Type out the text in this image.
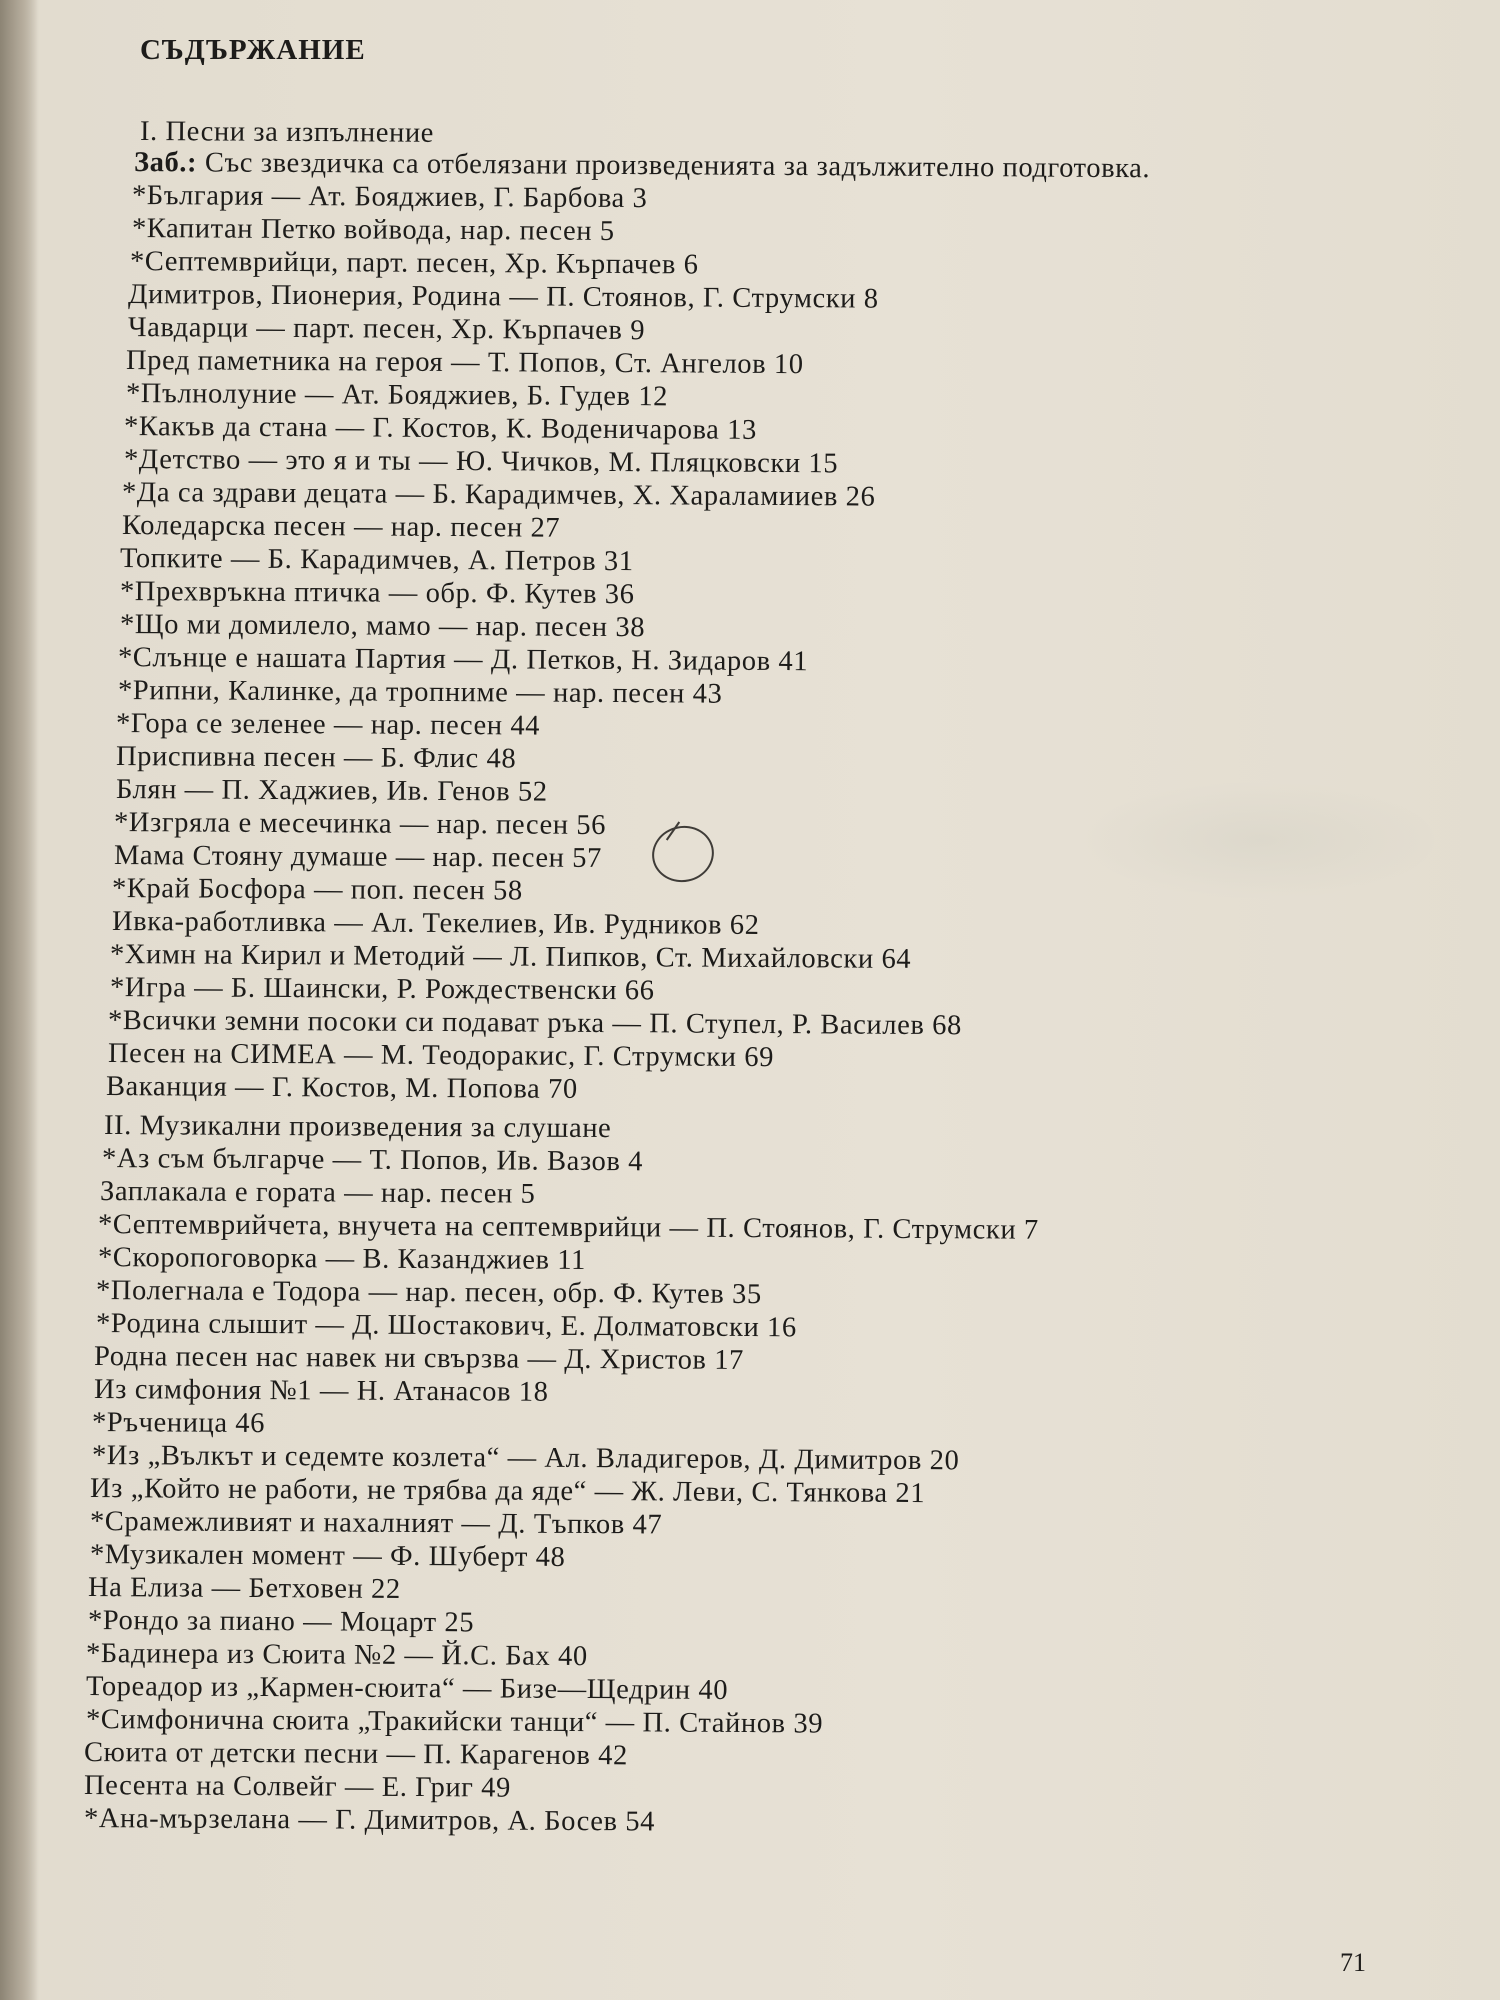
СЪДЪРЖАНИЕ
I. Песни за изпълнение
Заб.: Със звездичка са отбелязани произведенията за задължително подготовка.
*България — Ат. Бояджиев, Г. Барбова 3
*Капитан Петко войвода, нар. песен 5
*Септемврийци, парт. песен, Хр. Кърпачев 6
Димитров, Пионерия, Родина — П. Стоянов, Г. Струмски 8
Чавдарци — парт. песен, Хр. Кърпачев 9
Пред паметника на героя — Т. Попов, Ст. Ангелов 10
*Пълнолуние — Ат. Бояджиев, Б. Гудев 12
*Какъв да стана — Г. Костов, К. Воденичарова 13
*Детство — это я и ты — Ю. Чичков, М. Пляцковски 15
*Да са здрави децата — Б. Карадимчев, Х. Хараламииев 26
Коледарска песен — нар. песен 27
Топките — Б. Карадимчев, А. Петров 31
*Прехвръкна птичка — обр. Ф. Кутев 36
*Що ми домилело, мамо — нар. песен 38
*Слънце е нашата Партия — Д. Петков, Н. Зидаров 41
*Рипни, Калинке, да тропниме — нар. песен 43
*Гора се зеленее — нар. песен 44
Приспивна песен — Б. Флис 48
Блян — П. Хаджиев, Ив. Генов 52
*Изгряла е месечинка — нар. песен 56
Мама Стояну думаше — нар. песен 57
*Край Босфора — поп. песен 58
Ивка-работливка — Ал. Текелиев, Ив. Рудников 62
*Химн на Кирил и Методий — Л. Пипков, Ст. Михайловски 64
*Игра — Б. Шаински, Р. Рождественски 66
*Всички земни посоки си подават ръка — П. Ступел, Р. Василев 68
Песен на СИМЕА — М. Теодоракис, Г. Струмски 69
Ваканция — Г. Костов, М. Попова 70
II. Музикални произведения за слушане
*Аз съм българче — Т. Попов, Ив. Вазов 4
Заплакала е гората — нар. песен 5
*Септемврийчета, внучета на септемврийци — П. Стоянов, Г. Струмски 7
*Скоропоговорка — В. Казанджиев 11
*Полегнала е Тодора — нар. песен, обр. Ф. Кутев 35
*Родина слышит — Д. Шостакович, Е. Долматовски 16
Родна песен нас навек ни свързва — Д. Христов 17
Из симфония №1 — Н. Атанасов 18
*Ръченица 46
*Из „Вълкът и седемте козлета“ — Ал. Владигеров, Д. Димитров 20
Из „Който не работи, не трябва да яде“ — Ж. Леви, С. Тянкова 21
*Срамежливият и нахалният — Д. Тъпков 47
*Музикален момент — Ф. Шуберт 48
На Елиза — Бетховен 22
*Рондо за пиано — Моцарт 25
*Бадинера из Сюита №2 — Й.С. Бах 40
Тореадор из „Кармен-сюита“ — Бизе—Щедрин 40
*Симфонична сюита „Тракийски танци“ — П. Стайнов 39
Сюита от детски песни — П. Карагенов 42
Песента на Солвейг — Е. Григ 49
*Ана-мързелана — Г. Димитров, А. Босев 54

71
